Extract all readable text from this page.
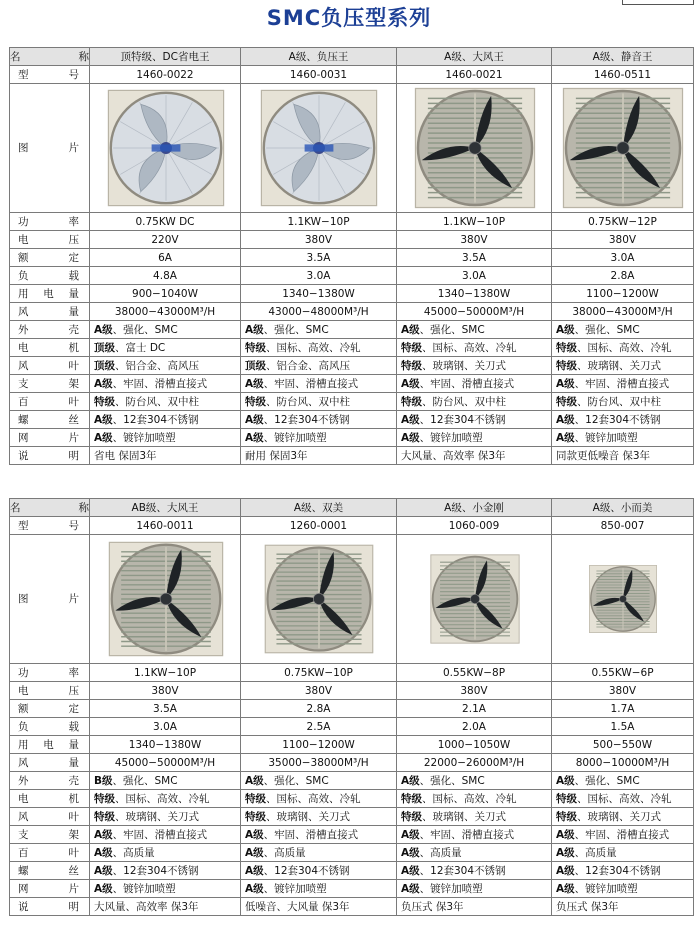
SMC负压型系列
名称	顶特级、DC省电王	A级、负压王	A级、大风王	A级、静音王
型号	1460-0022	1460-0031	1460-0021	1460-0511
图片	

功率	0.75KW DC	1.1KW−10P	1.1KW−10P	0.75KW−12P
电压	220V	380V	380V	380V
额定	6A	3.5A	3.5A	3.0A
负载	4.8A	3.0A	3.0A	2.8A
用电量	900−1040W	1340−1380W	1340−1380W	1100−1200W
风量	38000−43000M³/H	43000−48000M³/H	45000−50000M³/H	38000−43000M³/H
外壳	A级、强化、SMC	A级、强化、SMC	A级、强化、SMC	A级、强化、SMC
电机	顶级、富士 DC	特级、国标、高效、冷轧	特级、国标、高效、冷轧	特级、国标、高效、冷轧
风叶	顶级、铝合金、高风压	顶级、铝合金、高风压	特级、玻璃钢、关刀式	特级、玻璃钢、关刀式
支架	A级、牢固、滑槽直接式	A级、牢固、滑槽直接式	A级、牢固、滑槽直接式	A级、牢固、滑槽直接式
百叶	特级、防台风、双中柱	特级、防台风、双中柱	特级、防台风、双中柱	特级、防台风、双中柱
螺丝	A级、12套304不锈钢	A级、12套304不锈钢	A级、12套304不锈钢	A级、12套304不锈钢
网片	A级、镀锌加喷塑	A级、镀锌加喷塑	A级、镀锌加喷塑	A级、镀锌加喷塑
说明	省电 保固3年	耐用 保固3年	大风量、高效率 保3年	同款更低噪音 保3年
名称	AB级、大风王	A级、双美	A级、小金刚	A级、小而美
型号	1460-0011	1260-0001	1060-009	850-007
图片	

功率	1.1KW−10P	0.75KW−10P	0.55KW−8P	0.55KW−6P
电压	380V	380V	380V	380V
额定	3.5A	2.8A	2.1A	1.7A
负载	3.0A	2.5A	2.0A	1.5A
用电量	1340−1380W	1100−1200W	1000−1050W	500−550W
风量	45000−50000M³/H	35000−38000M³/H	22000−26000M³/H	8000−10000M³/H
外壳	B级、强化、SMC	A级、强化、SMC	A级、强化、SMC	A级、强化、SMC
电机	特级、国标、高效、冷轧	特级、国标、高效、冷轧	特级、国标、高效、冷轧	特级、国标、高效、冷轧
风叶	特级、玻璃钢、关刀式	特级、玻璃钢、关刀式	特级、玻璃钢、关刀式	特级、玻璃钢、关刀式
支架	A级、牢固、滑槽直接式	A级、牢固、滑槽直接式	A级、牢固、滑槽直接式	A级、牢固、滑槽直接式
百叶	A级、高质量	A级、高质量	A级、高质量	A级、高质量
螺丝	A级、12套304不锈钢	A级、12套304不锈钢	A级、12套304不锈钢	A级、12套304不锈钢
网片	A级、镀锌加喷塑	A级、镀锌加喷塑	A级、镀锌加喷塑	A级、镀锌加喷塑
说明	大风量、高效率 保3年	低噪音、大风量 保3年	负压式 保3年	负压式 保3年
